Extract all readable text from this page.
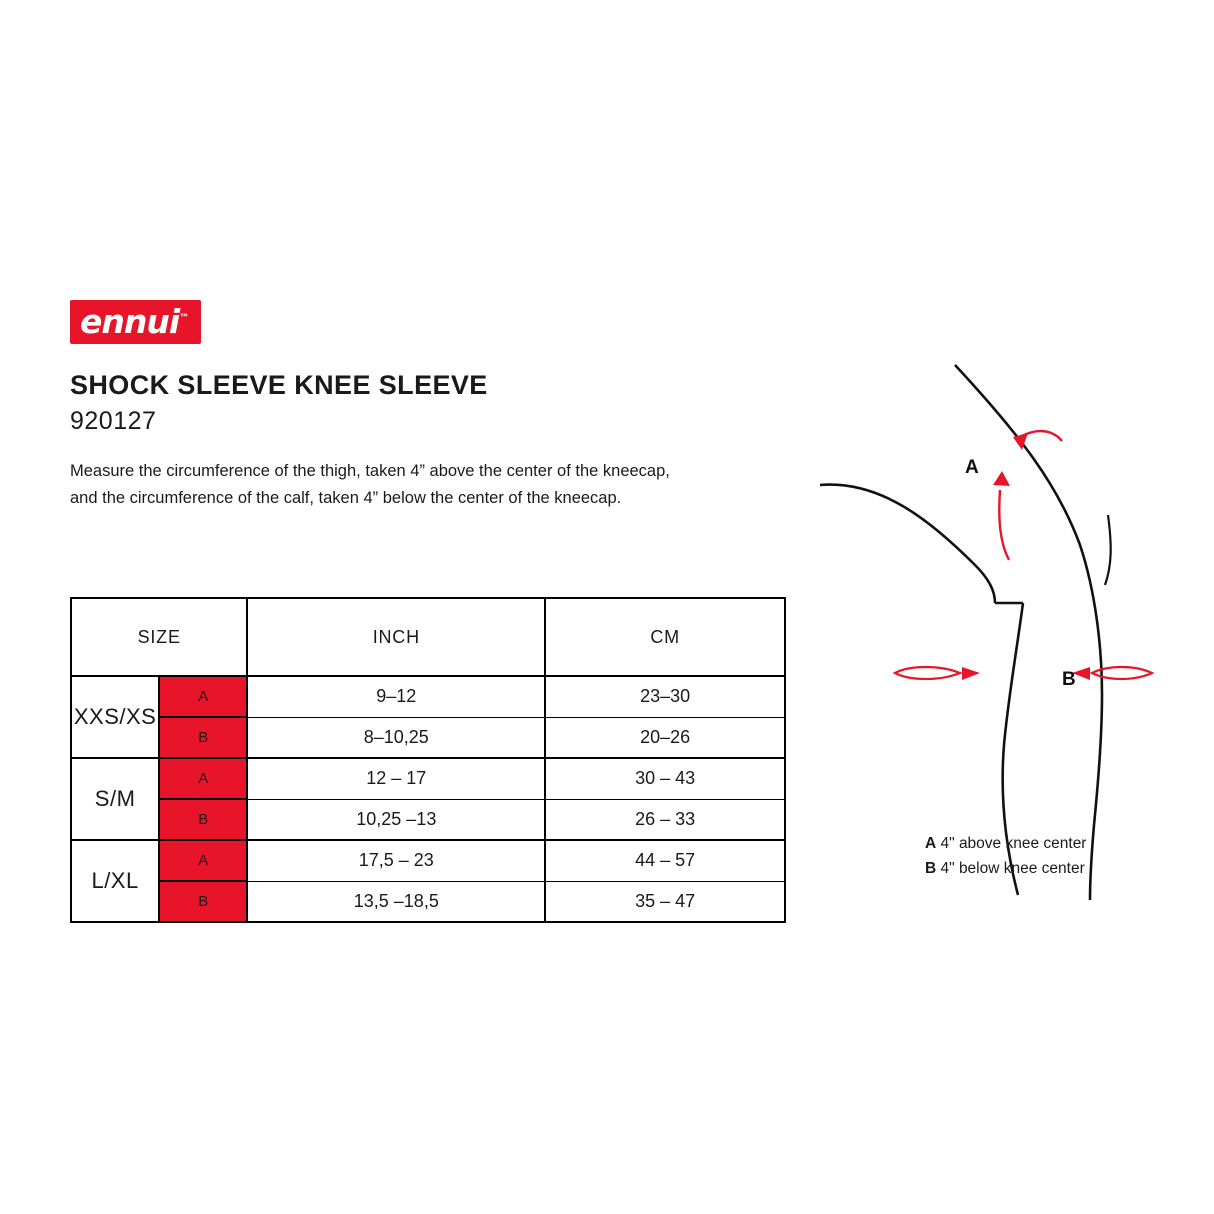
ennui™
SHOCK SLEEVE KNEE SLEEVE
920127
Measure the circumference of the thigh, taken 4” above the center of the kneecap, and the circumference of the calf, taken 4” below the center of the kneecap.
SIZE		INCH	CM
XXS/XS	A	9–12	23–30
	B	8–10,25	20–26
S/M	A	12 – 17	30 – 43
	B	10,25 –13	26 – 33
L/XL	A	17,5 – 23	44 – 57
	B	13,5 –18,5	35 – 47
A
B
A 4" above knee center
B 4" below knee center
